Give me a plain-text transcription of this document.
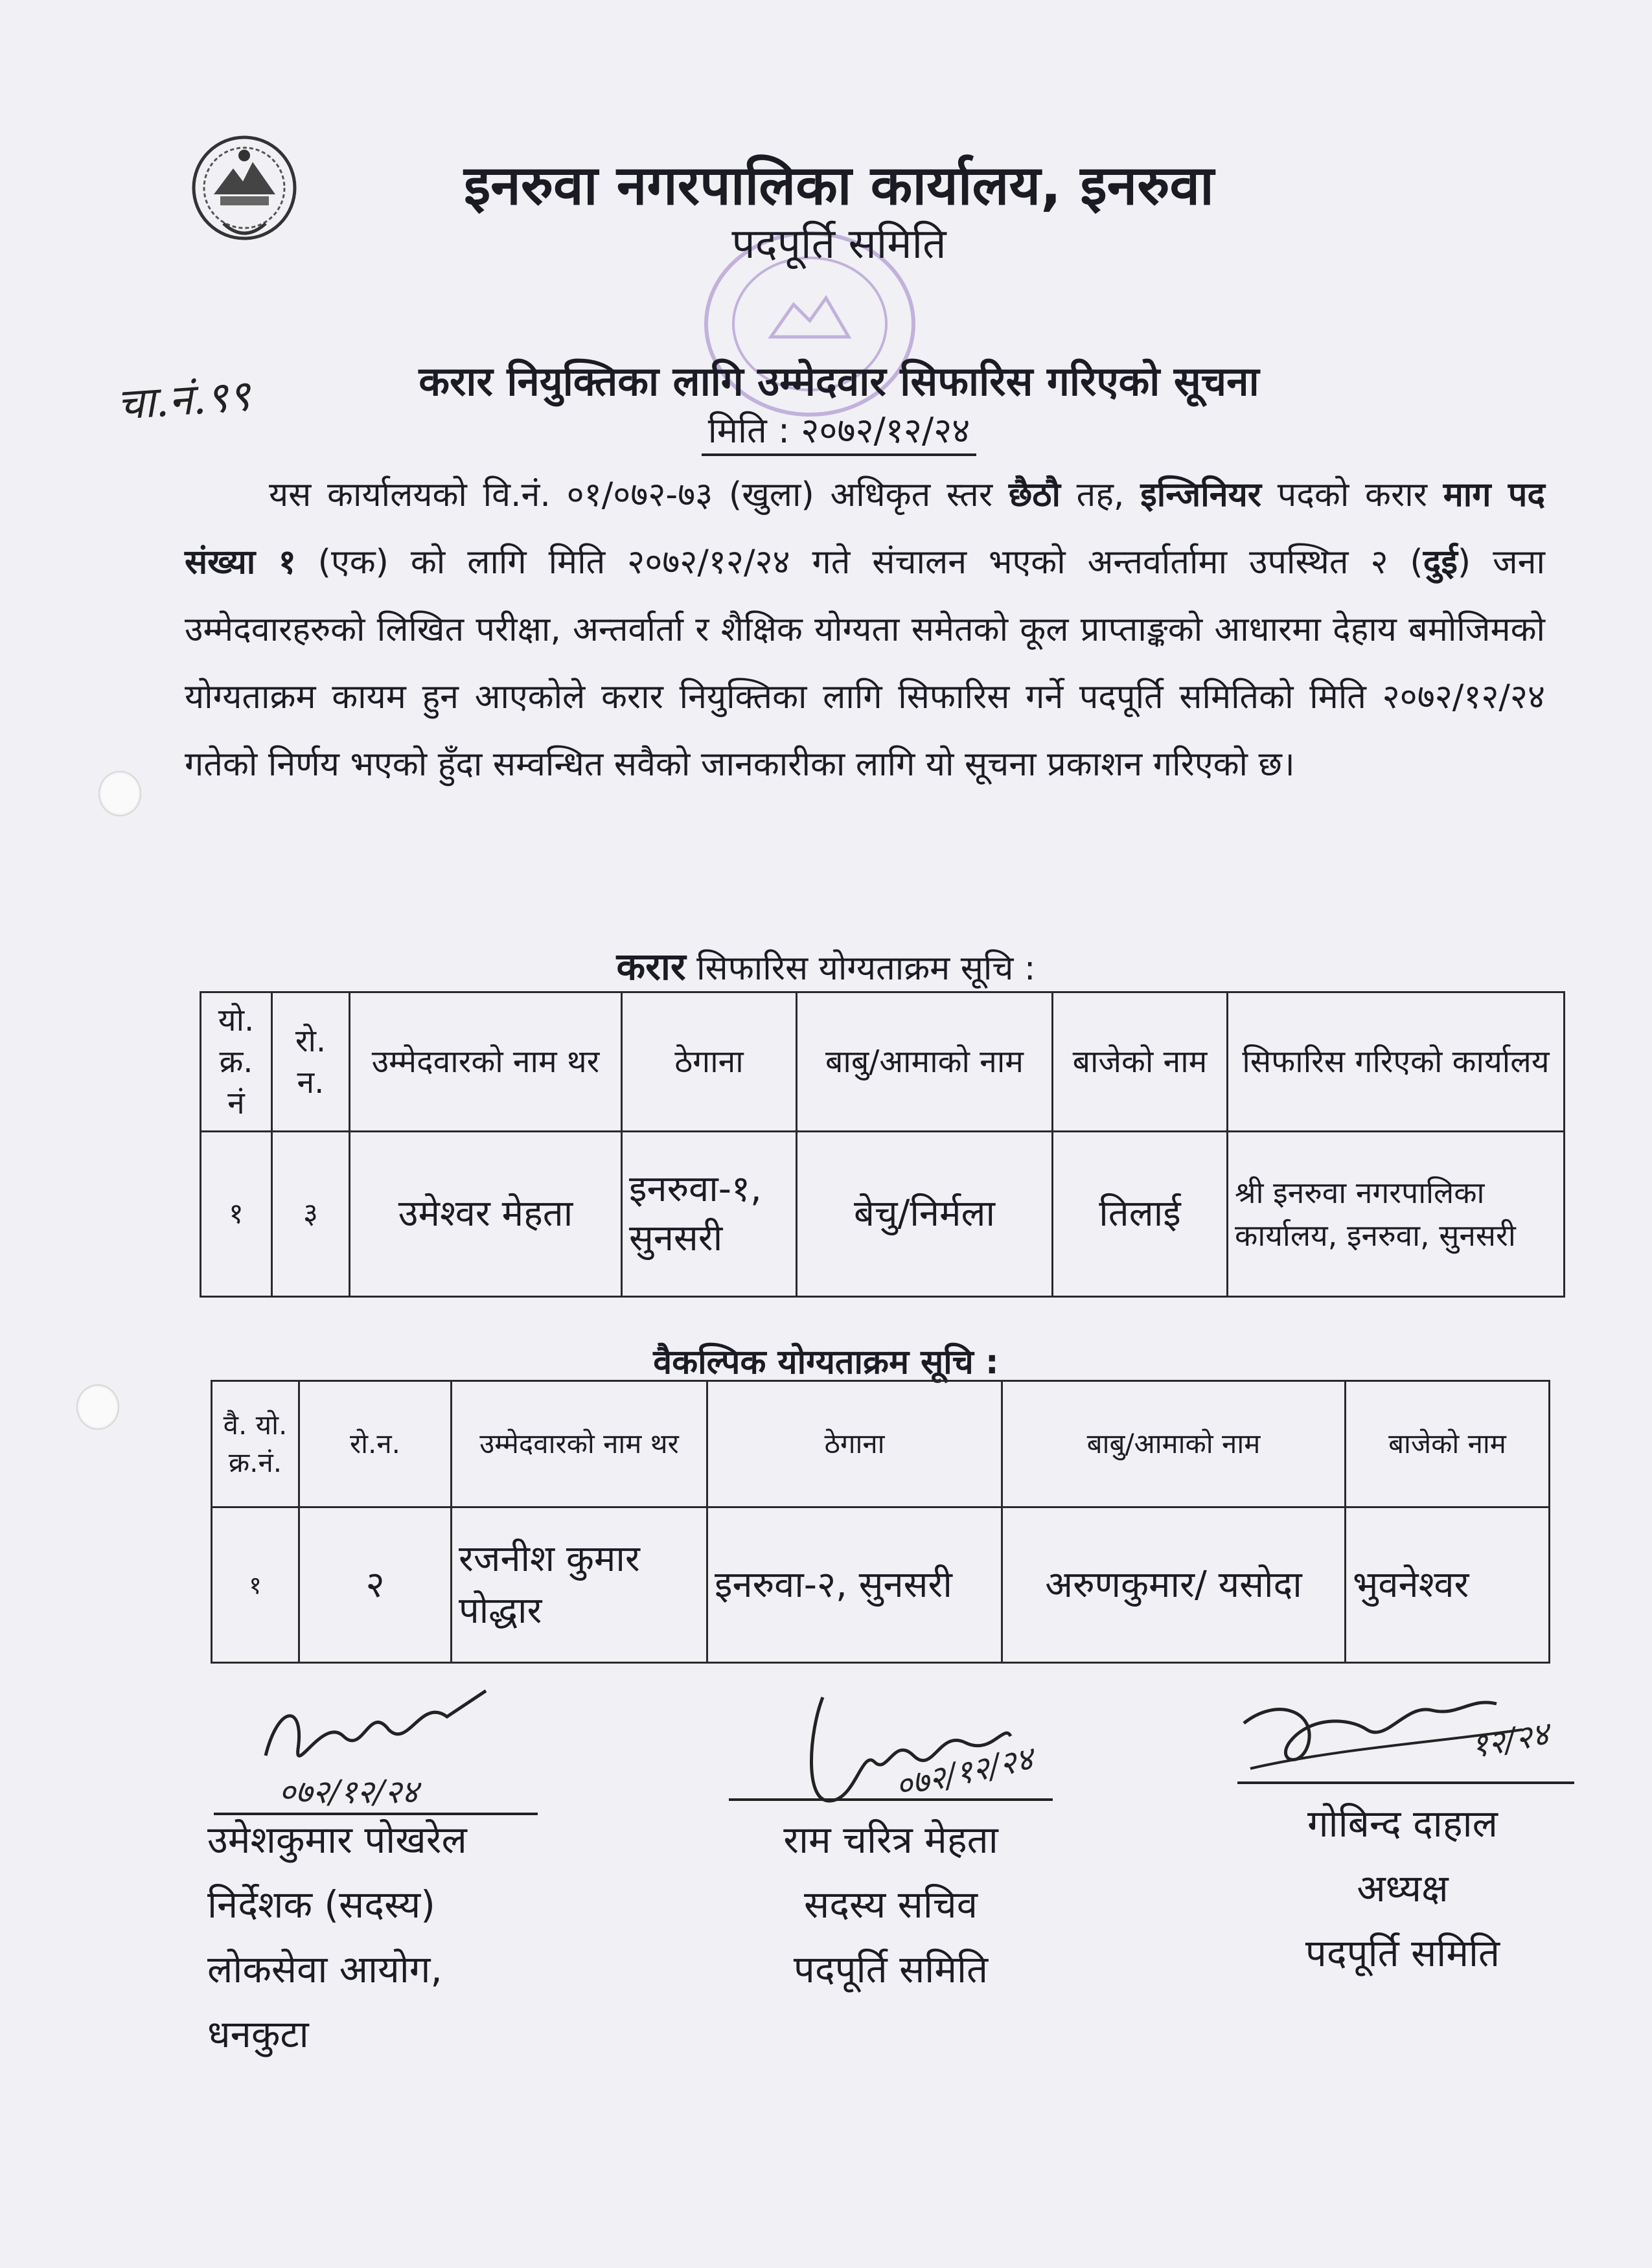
इनरुवा नगरपालिका कार्यालय, इनरुवा
पदपूर्ति समिति
चा.नं.९९	करार नियुक्तिका लागि उम्मेदवार सिफारिस गरिएको सूचना
मिति : २०७२/१२/२४
यस कार्यालयको वि.नं. ०१/०७२-७३ (खुला) अधिकृत स्तर छैठौ तह, इन्जिनियर पदको करार माग पद संख्या १ (एक) को लागि मिति २०७२/१२/२४ गते संचालन भएको अन्तर्वार्तामा उपस्थित २ (दुई) जना उम्मेदवारहरुको लिखित परीक्षा, अन्तर्वार्ता र शैक्षिक योग्यता समेतको कूल प्राप्ताङ्कको आधारमा देहाय बमोजिमको योग्यताक्रम कायम हुन आएकोले करार नियुक्तिका लागि सिफारिस गर्ने पदपूर्ति समितिको मिति २०७२/१२/२४ गतेको निर्णय भएको हुँदा सम्वन्धित सवैको जानकारीका लागि यो सूचना प्रकाशन गरिएको छ।
करार सिफारिस योग्यताक्रम सूचि :
यो. क्र. नं	रो. न.	उम्मेदवारको नाम थर	ठेगाना	बाबु/आमाको नाम	बाजेको नाम	सिफारिस गरिएको कार्यालय
१	३	उमेश्वर मेहता	इनरुवा-१, सुनसरी	बेचु/निर्मला	तिलाई	श्री इनरुवा नगरपालिका कार्यालय, इनरुवा, सुनसरी
वैकल्पिक योग्यताक्रम सूचि :
वै. यो. क्र.नं.	रो.न.	उम्मेदवारको नाम थर	ठेगाना	बाबु/आमाको नाम	बाजेको नाम
१	२	रजनीश कुमार पोद्धार	इनरुवा-२, सुनसरी	अरुणकुमार/ यसोदा	भुवनेश्वर
०७२/१२/२४	०७२/१२/२४	१२/२४
उमेशकुमार पोखरेल
निर्देशक (सदस्य)
लोकसेवा आयोग, धनकुटा
राम चरित्र मेहता
सदस्य सचिव
पदपूर्ति समिति
गोबिन्द दाहाल
अध्यक्ष
पदपूर्ति समिति
